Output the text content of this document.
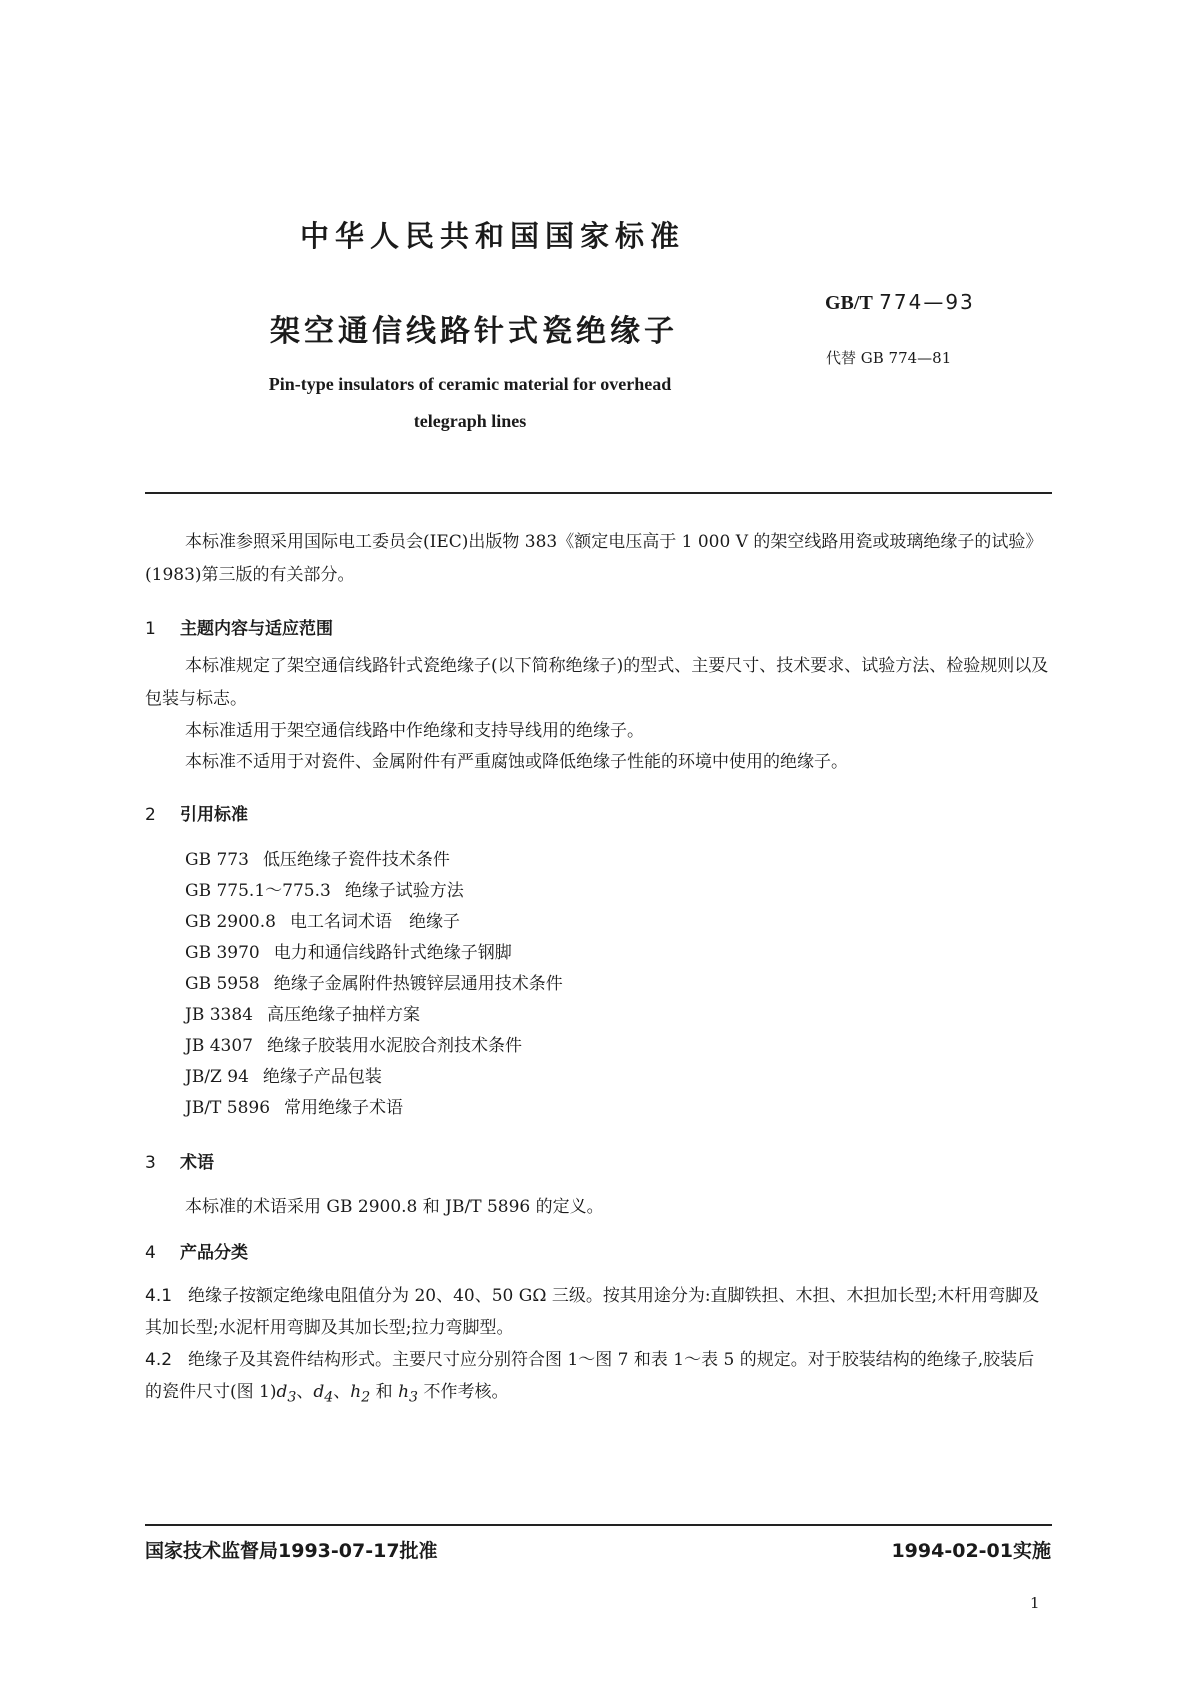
中华人民共和国国家标准
架空通信线路针式瓷绝缘子
GB/T 774—93
代替 GB 774—81
Pin-type insulators of ceramic material for overhead
telegraph lines
本标准参照采用国际电工委员会(IEC)出版物 383《额定电压高于 1 000 V 的架空线路用瓷或玻璃绝缘子的试验》(1983)第三版的有关部分。
1 主题内容与适应范围
本标准规定了架空通信线路针式瓷绝缘子(以下简称绝缘子)的型式、主要尺寸、技术要求、试验方法、检验规则以及包装与标志。
本标准适用于架空通信线路中作绝缘和支持导线用的绝缘子。
本标准不适用于对瓷件、金属附件有严重腐蚀或降低绝缘子性能的环境中使用的绝缘子。
2 引用标准
GB 773 低压绝缘子瓷件技术条件
GB 775.1～775.3 绝缘子试验方法
GB 2900.8 电工名词术语　绝缘子
GB 3970 电力和通信线路针式绝缘子钢脚
GB 5958 绝缘子金属附件热镀锌层通用技术条件
JB 3384 高压绝缘子抽样方案
JB 4307 绝缘子胶装用水泥胶合剂技术条件
JB/Z 94 绝缘子产品包装
JB/T 5896 常用绝缘子术语
3 术语
本标准的术语采用 GB 2900.8 和 JB/T 5896 的定义。
4 产品分类
4.1 绝缘子按额定绝缘电阻值分为 20、40、50 GΩ 三级。按其用途分为:直脚铁担、木担、木担加长型;木杆用弯脚及其加长型;水泥杆用弯脚及其加长型;拉力弯脚型。
4.2 绝缘子及其瓷件结构形式。主要尺寸应分别符合图 1～图 7 和表 1～表 5 的规定。对于胶装结构的绝缘子,胶装后的瓷件尺寸(图 $1)d_3$、$d_4$、$h_2$ 和 $h_3$ 不作考核。
国家技术监督局1993-07-17批准	1994-02-01实施
1
